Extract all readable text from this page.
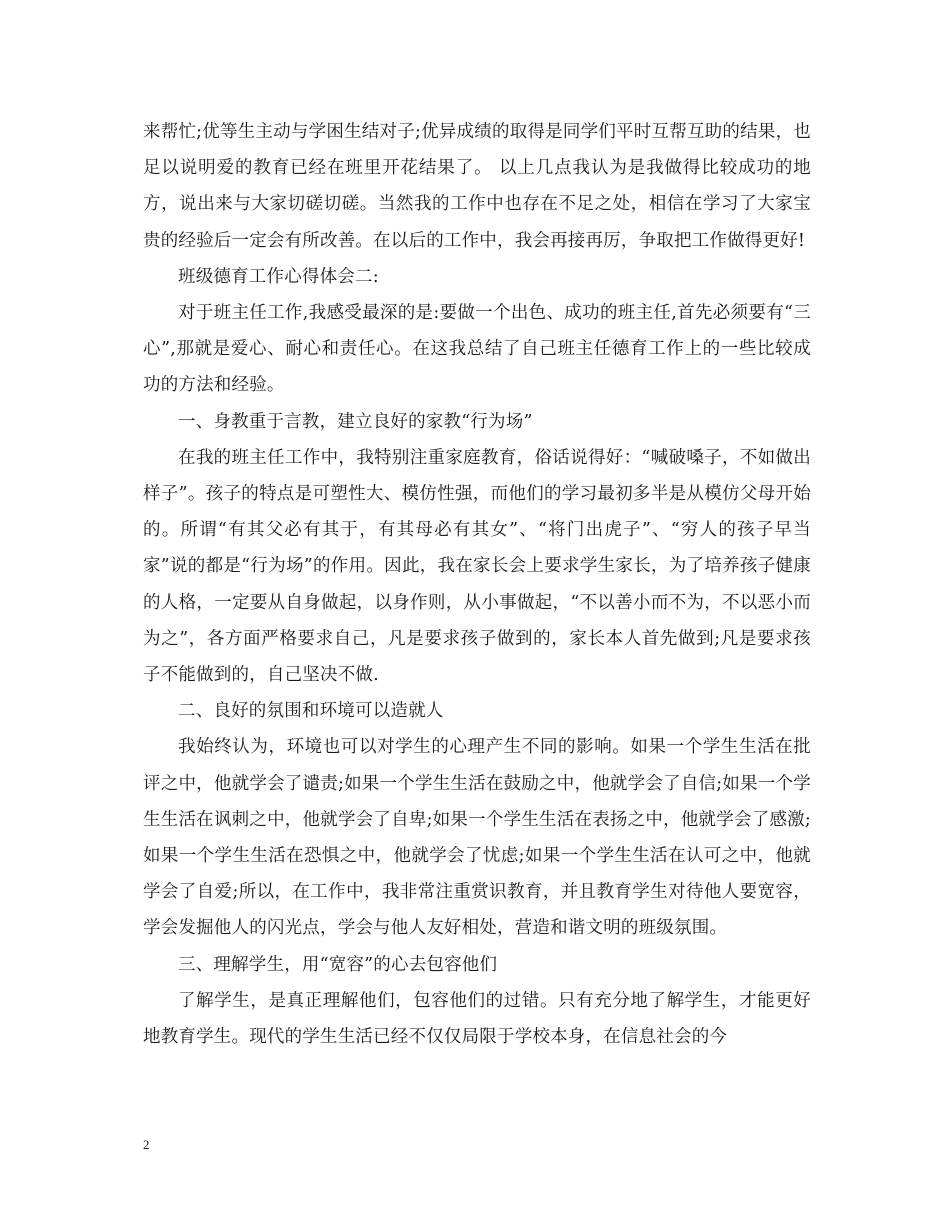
来帮忙;优等生主动与学困生结对子;优异成绩的取得是同学们平时互帮互助的结果，也足以说明爱的教育已经在班里开花结果了。 以上几点我认为是我做得比较成功的地方，说出来与大家切磋切磋。当然我的工作中也存在不足之处，相信在学习了大家宝贵的经验后一定会有所改善。在以后的工作中，我会再接再厉，争取把工作做得更好!

班级德育工作心得体会二:

对于班主任工作,我感受最深的是:要做一个出色、成功的班主任,首先必须要有“三心”,那就是爱心、耐心和责任心。在这我总结了自己班主任德育工作上的一些比较成功的方法和经验。

一、身教重于言教，建立良好的家教“行为场”

在我的班主任工作中，我特别注重家庭教育，俗话说得好：“喊破嗓子，不如做出样子”。孩子的特点是可塑性大、模仿性强，而他们的学习最初多半是从模仿父母开始的。所谓“有其父必有其于，有其母必有其女”、“将门出虎子”、“穷人的孩子早当家”说的都是“行为场”的作用。因此，我在家长会上要求学生家长，为了培养孩子健康的人格，一定要从自身做起，以身作则，从小事做起，“不以善小而不为，不以恶小而为之”，各方面严格要求自己，凡是要求孩子做到的，家长本人首先做到;凡是要求孩子不能做到的，自己坚决不做.

二、良好的氛围和环境可以造就人

我始终认为，环境也可以对学生的心理产生不同的影响。如果一个学生生活在批评之中，他就学会了谴责;如果一个学生生活在鼓励之中，他就学会了自信;如果一个学生生活在讽刺之中，他就学会了自卑;如果一个学生生活在表扬之中，他就学会了感激;如果一个学生生活在恐惧之中，他就学会了忧虑;如果一个学生生活在认可之中，他就学会了自爱;所以，在工作中，我非常注重赏识教育，并且教育学生对待他人要宽容，学会发掘他人的闪光点，学会与他人友好相处，营造和谐文明的班级氛围。

三、理解学生，用“宽容”的心去包容他们

了解学生，是真正理解他们，包容他们的过错。只有充分地了解学生，才能更好地教育学生。现代的学生生活已经不仅仅局限于学校本身，在信息社会的今

2
